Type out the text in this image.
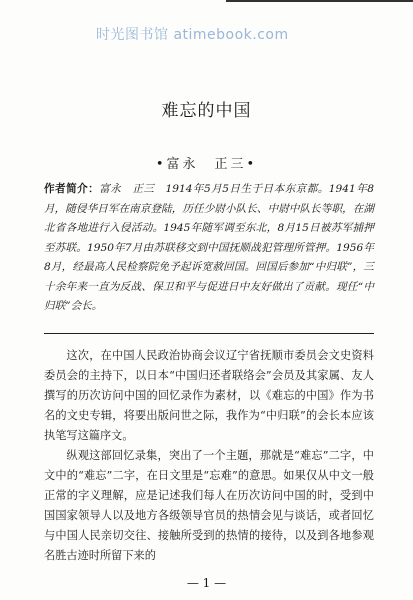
时光图书馆 atimebook.com
难忘的中国
•富永　正三•
作者简介：富永　正三　1914年5月5日生于日本东京都。1941年8月，随侵华日军在南京登陆，历任少尉小队长、中尉中队长等职，在湖北省各地进行入侵活动。1945年随军调至东北，8月15日被苏军捕押至苏联。1950年7月由苏联移交到中国抚顺战犯管理所管押。1956年8月，经最高人民检察院免予起诉宽赦回国。回国后参加“中归联”，三十余年来一直为反战、保卫和平与促进日中友好做出了贡献。现任“中归联”会长。

这次，在中国人民政治协商会议辽宁省抚顺市委员会文史资料委员会的主持下，以日本“中国归还者联络会”会员及其家属、友人撰写的历次访问中国的回忆录作为素材，以《难忘的中国》作为书名的文史专辑，将要出版问世之际，我作为“中归联”的会长本应该执笔写这篇序文。

纵观这部回忆录集，突出了一个主题，那就是“难忘”二字，中文中的“难忘”二字，在日文里是“忘难”的意思。如果仅从中文一般正常的字义理解，应是记述我们每人在历次访问中国的时，受到中国国家领导人以及地方各级领导官员的热情会见与谈话，或者回忆与中国人民亲切交往、接触所受到的热情的接待，以及到各地参观名胜古迹时所留下来的

— 1 —
